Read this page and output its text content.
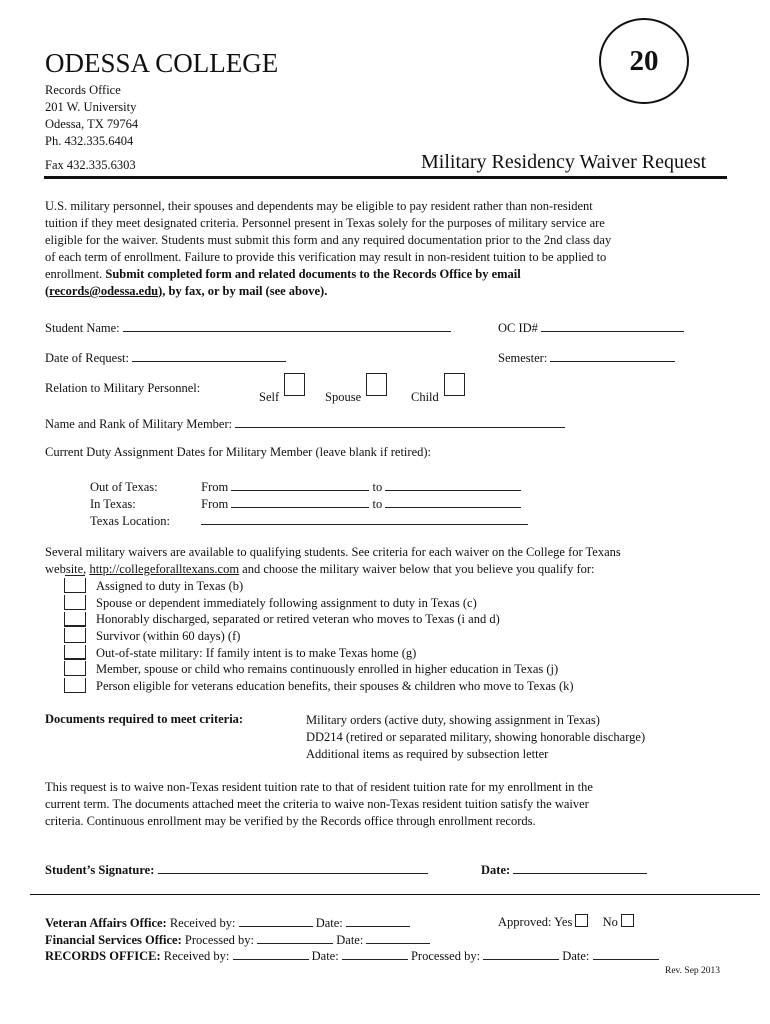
ODESSA COLLEGE
Records Office
201 W. University
Odessa, TX 79764
Ph. 432.335.6404
Fax 432.335.6303
20
Military Residency Waiver Request
U.S. military personnel, their spouses and dependents may be eligible to pay resident rather than non-resident
tuition if they meet designated criteria. Personnel present in Texas solely for the purposes of military service are
eligible for the waiver. Students must submit this form and any required documentation prior to the 2nd class day
of each term of enrollment. Failure to provide this verification may result in non-resident tuition to be applied to
enrollment. Submit completed form and related documents to the Records Office by email
(records@odessa.edu), by fax, or by mail (see above).
Student Name:	OC ID#
Date of Request:	Semester:
Relation to Military Personnel:
Self	Spouse	Child
Name and Rank of Military Member:
Current Duty Assignment Dates for Military Member (leave blank if retired):
Out of Texas:	From	to
In Texas:	From	to
Texas Location:
Several military waivers are available to qualifying students. See criteria for each waiver on the College for Texans
website, http://collegeforalltexans.com and choose the military waiver below that you believe you qualify for:
Assigned to duty in Texas (b)
Spouse or dependent immediately following assignment to duty in Texas (c)
Honorably discharged, separated or retired veteran who moves to Texas (i and d)
Survivor (within 60 days) (f)
Out-of-state military: If family intent is to make Texas home (g)
Member, spouse or child who remains continuously enrolled in higher education in Texas (j)
Person eligible for veterans education benefits, their spouses & children who move to Texas (k)
Documents required to meet criteria:	Military orders (active duty, showing assignment in Texas)
DD214 (retired or separated military, showing honorable discharge)
Additional items as required by subsection letter
This request is to waive non-Texas resident tuition rate to that of resident tuition rate for my enrollment in the
current term. The documents attached meet the criteria to waive non-Texas resident tuition satisfy the waiver
criteria. Continuous enrollment may be verified by the Records office through enrollment records.
Student’s Signature:	Date:
Veteran Affairs Office: Received by:	Date:	Approved: Yes No
Financial Services Office: Processed by:	Date:
RECORDS OFFICE: Received by:	Date:	Processed by:	Date:
Rev. Sep 2013
